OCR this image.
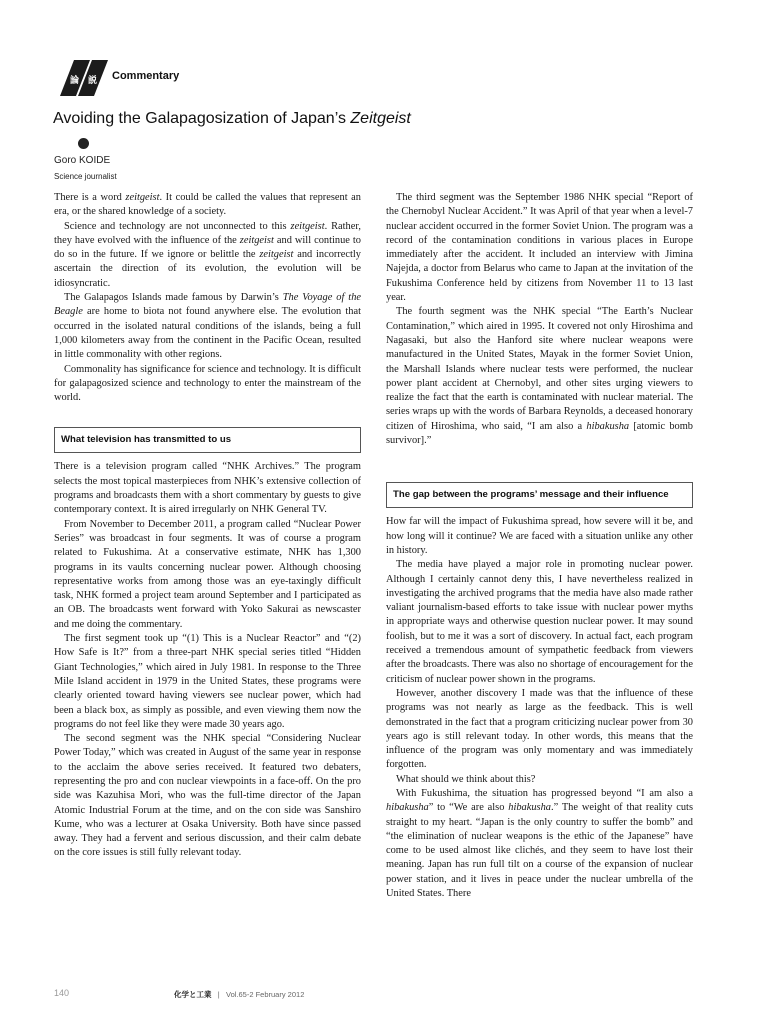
論 説 Commentary
Avoiding the Galapagosization of Japan’s Zeitgeist
Goro KOIDE
Science journalist

There is a word zeitgeist. It could be called the values that represent an era, or the shared knowledge of a society.

Science and technology are not unconnected to this zeitgeist. Rather, they have evolved with the influence of the zeitgeist and will continue to do so in the future. If we ignore or belittle the zeitgeist and incorrectly ascertain the direction of its evolution, the evolution will be idiosyncratic.

The Galapagos Islands made famous by Darwin’s The Voyage of the Beagle are home to biota not found anywhere else. The evolution that occurred in the isolated natural conditions of the islands, being a full 1,000 kilometers away from the continent in the Pacific Ocean, resulted in little commonality with other regions.

Commonality has significance for science and technology. It is difficult for galapagosized science and technology to enter the mainstream of the world.

What television has transmitted to us

There is a television program called “NHK Archives.” The program selects the most topical masterpieces from NHK’s extensive collection of programs and broadcasts them with a short commentary by guests to give contemporary context. It is aired irregularly on NHK General TV.

From November to December 2011, a program called “Nuclear Power Series” was broadcast in four segments. It was of course a program related to Fukushima. At a conservative estimate, NHK has 1,300 programs in its vaults concerning nuclear power. Although choosing representative works from among those was an eye-taxingly difficult task, NHK formed a project team around September and I participated as an OB. The broadcasts went forward with Yoko Sakurai as newscaster and me doing the commentary.

The first segment took up “(1) This is a Nuclear Reactor” and “(2) How Safe is It?” from a three-part NHK special series titled “Hidden Giant Technologies,” which aired in July 1981. In response to the Three Mile Island accident in 1979 in the United States, these programs were clearly oriented toward having viewers see nuclear power, which had been a black box, as simply as possible, and even viewing them now the programs do not feel like they were made 30 years ago.

The second segment was the NHK special “Considering Nuclear Power Today,” which was created in August of the same year in response to the acclaim the above series received. It featured two debaters, representing the pro and con nuclear viewpoints in a face-off. On the pro side was Kazuhisa Mori, who was the full-time director of the Japan Atomic Industrial Forum at the time, and on the con side was Sanshiro Kume, who was a lecturer at Osaka University. Both have since passed away. They had a fervent and serious discussion, and their calm debate on the core issues is still fully relevant today.

The third segment was the September 1986 NHK special “Report of the Chernobyl Nuclear Accident.” It was April of that year when a level-7 nuclear accident occurred in the former Soviet Union. The program was a record of the contamination conditions in various places in Europe immediately after the accident. It included an interview with Jimina Najejda, a doctor from Belarus who came to Japan at the invitation of the Fukushima Conference held by citizens from November 11 to 13 last year.

The fourth segment was the NHK special “The Earth’s Nuclear Contamination,” which aired in 1995. It covered not only Hiroshima and Nagasaki, but also the Hanford site where nuclear weapons were manufactured in the United States, Mayak in the former Soviet Union, the Marshall Islands where nuclear tests were performed, the nuclear power plant accident at Chernobyl, and other sites urging viewers to realize the fact that the earth is contaminated with nuclear material. The series wraps up with the words of Barbara Reynolds, a deceased honorary citizen of Hiroshima, who said, “I am also a hibakusha [atomic bomb survivor].”

The gap between the programs’ message and their influence

How far will the impact of Fukushima spread, how severe will it be, and how long will it continue? We are faced with a situation unlike any other in history.

The media have played a major role in promoting nuclear power. Although I certainly cannot deny this, I have nevertheless realized in investigating the archived programs that the media have also made rather valiant journalism-based efforts to take issue with nuclear power myths in appropriate ways and otherwise question nuclear power. It may sound foolish, but to me it was a sort of discovery. In actual fact, each program received a tremendous amount of sympathetic feedback from viewers after the broadcasts. There was also no shortage of encouragement for the criticism of nuclear power shown in the programs.

However, another discovery I made was that the influence of these programs was not nearly as large as the feedback. This is well demonstrated in the fact that a program criticizing nuclear power from 30 years ago is still relevant today. In other words, this means that the influence of the program was only momentary and was immediately forgotten.

What should we think about this?

With Fukushima, the situation has progressed beyond “I am also a hibakusha” to “We are also hibakusha.” The weight of that reality cuts straight to my heart. “Japan is the only country to suffer the bomb” and “the elimination of nuclear weapons is the ethic of the Japanese” have come to be used almost like clichés, and they seem to have lost their meaning. Japan has run full tilt on a course of the expansion of nuclear power station, and it lives in peace under the nuclear umbrella of the United States. There

140	化学と工業 | Vol.65-2 February 2012
